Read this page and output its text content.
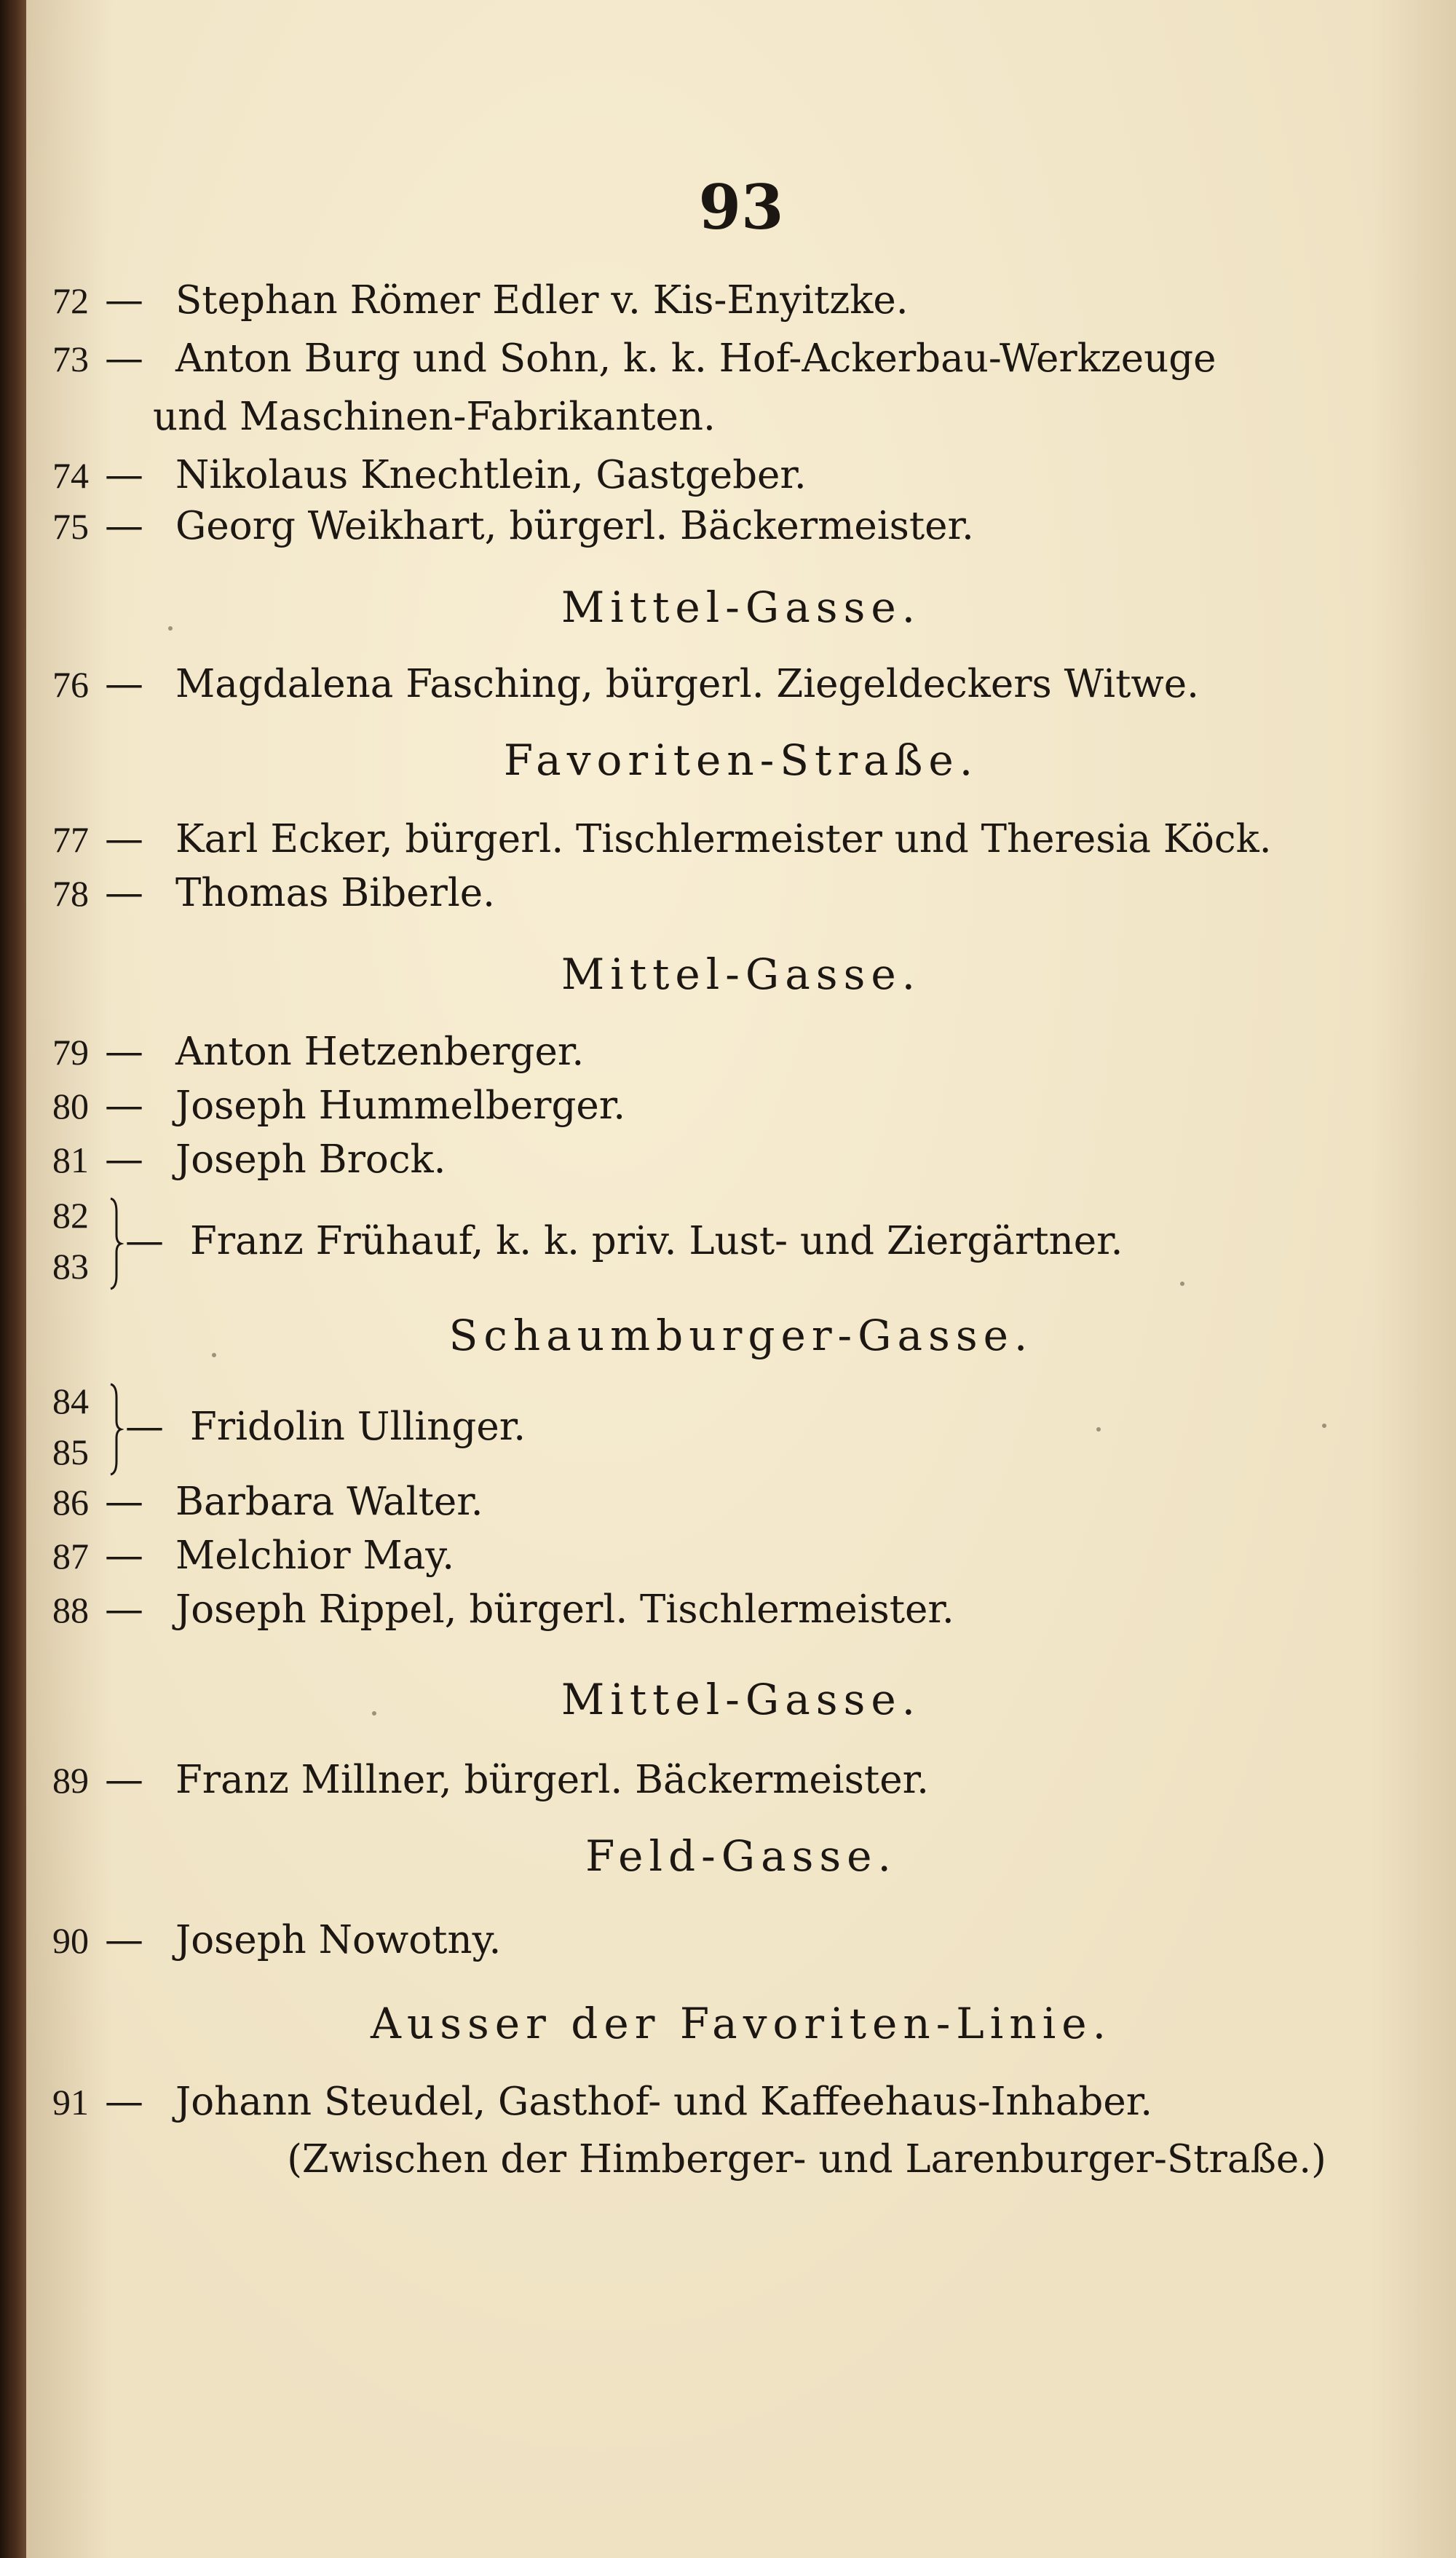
93
72 — Stephan Römer Edler v. Kis-Enyitzke.
73 — Anton Burg und Sohn, k. k. Hof-Ackerbau-Werkzeuge
und Maschinen-Fabrikanten.
74 — Nikolaus Knechtlein, Gastgeber.
75 — Georg Weikhart, bürgerl. Bäckermeister.
Mittel-Gasse.
76 — Magdalena Fasching, bürgerl. Ziegeldeckers Witwe.
Favoriten-Straße.
77 — Karl Ecker, bürgerl. Tischlermeister und Theresia Köck.
78 — Thomas Biberle.
Mittel-Gasse.
79 — Anton Hetzenberger.
80 — Joseph Hummelberger.
81 — Joseph Brock.
82
83
— Franz Frühauf, k. k. priv. Lust- und Ziergärtner.
Schaumburger-Gasse.
84
85
— Fridolin Ullinger.
86 — Barbara Walter.
87 — Melchior May.
88 — Joseph Rippel, bürgerl. Tischlermeister.
Mittel-Gasse.
89 — Franz Millner, bürgerl. Bäckermeister.
Feld-Gasse.
90 — Joseph Nowotny.
Ausser der Favoriten-Linie.
91 — Johann Steudel, Gasthof- und Kaffeehaus-Inhaber.
(Zwischen der Himberger- und Larenburger-Straße.)
